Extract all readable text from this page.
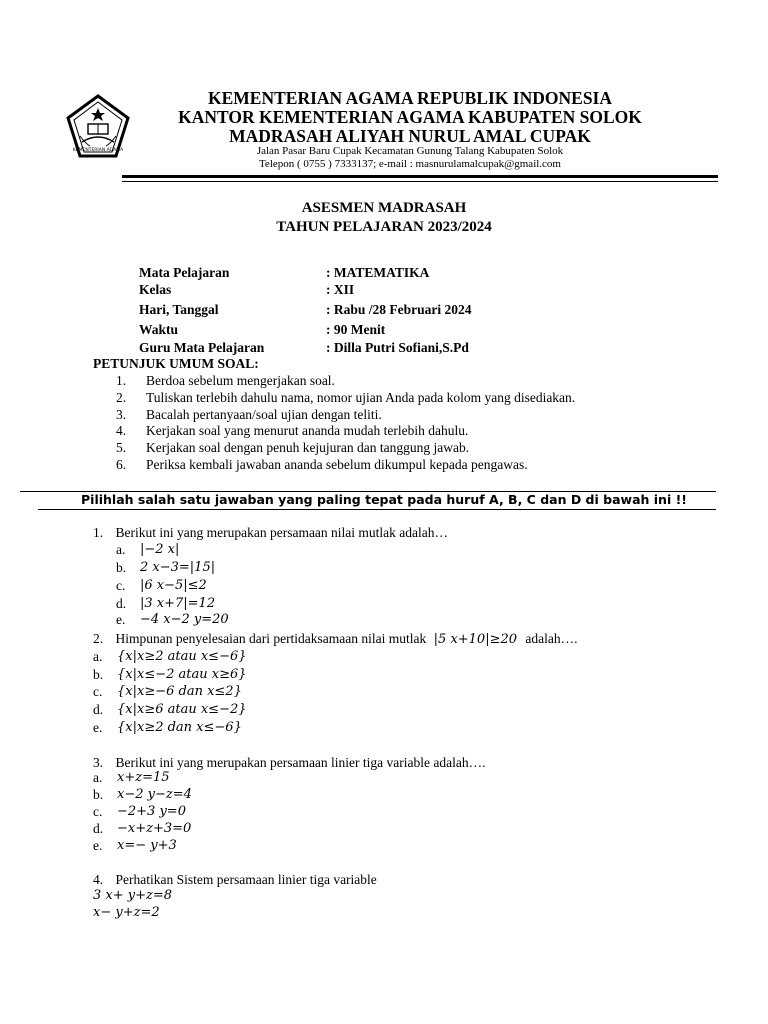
KEMENTERIAN AGAMA
KEMENTERIAN AGAMA REPUBLIK INDONESIA
KANTOR KEMENTERIAN AGAMA KABUPATEN SOLOK
MADRASAH ALIYAH NURUL AMAL CUPAK
Jalan Pasar Baru Cupak Kecamatan Gunung Talang Kabupaten Solok
Telepon ( 0755 ) 7333137; e-mail : masnurulamalcupak@gmail.com
ASESMEN MADRASAH
TAHUN PELAJARAN 2023/2024
Mata Pelajaran	: MATEMATIKA
Kelas	: XII
Hari, Tanggal	: Rabu /28 Februari 2024
Waktu	: 90 Menit
Guru Mata Pelajaran	: Dilla Putri Sofiani,S.Pd
PETUNJUK UMUM SOAL:
1. Berdoa sebelum mengerjakan soal.
2. Tuliskan terlebih dahulu nama, nomor ujian Anda pada kolom yang disediakan.
3. Bacalah pertanyaan/soal ujian dengan teliti.
4. Kerjakan soal yang menurut ananda mudah terlebih dahulu.
5. Kerjakan soal dengan penuh kejujuran dan tanggung jawab.
6. Periksa kembali jawaban ananda sebelum dikumpul kepada pengawas.
Pilihlah salah satu jawaban yang paling tepat pada huruf A, B, C dan D di bawah ini !!
1. Berikut ini yang merupakan persamaan nilai mutlak adalah…
a. |−2 x|
b. 2 x−3=|15|
c. |6 x−5|≤2
d. |3 x+7|=12
e. −4 x−2 y=20
2. Himpunan penyelesaian dari pertidaksamaan nilai mutlak |5 x+10|≥20 adalah….
a. {x|x≥2 atau x≤−6}
b. {x|x≤−2 atau x≥6}
c. {x|x≥−6 dan x≤2}
d. {x|x≥6 atau x≤−2}
e. {x|x≥2 dan x≤−6}
3. Berikut ini yang merupakan persamaan linier tiga variable adalah….
a. x+z=15
b. x−2 y−z=4
c. −2+3 y=0
d. −x+z+3=0
e. x=− y+3
4. Perhatikan Sistem persamaan linier tiga variable
3 x+ y+z=8
x− y+z=2
